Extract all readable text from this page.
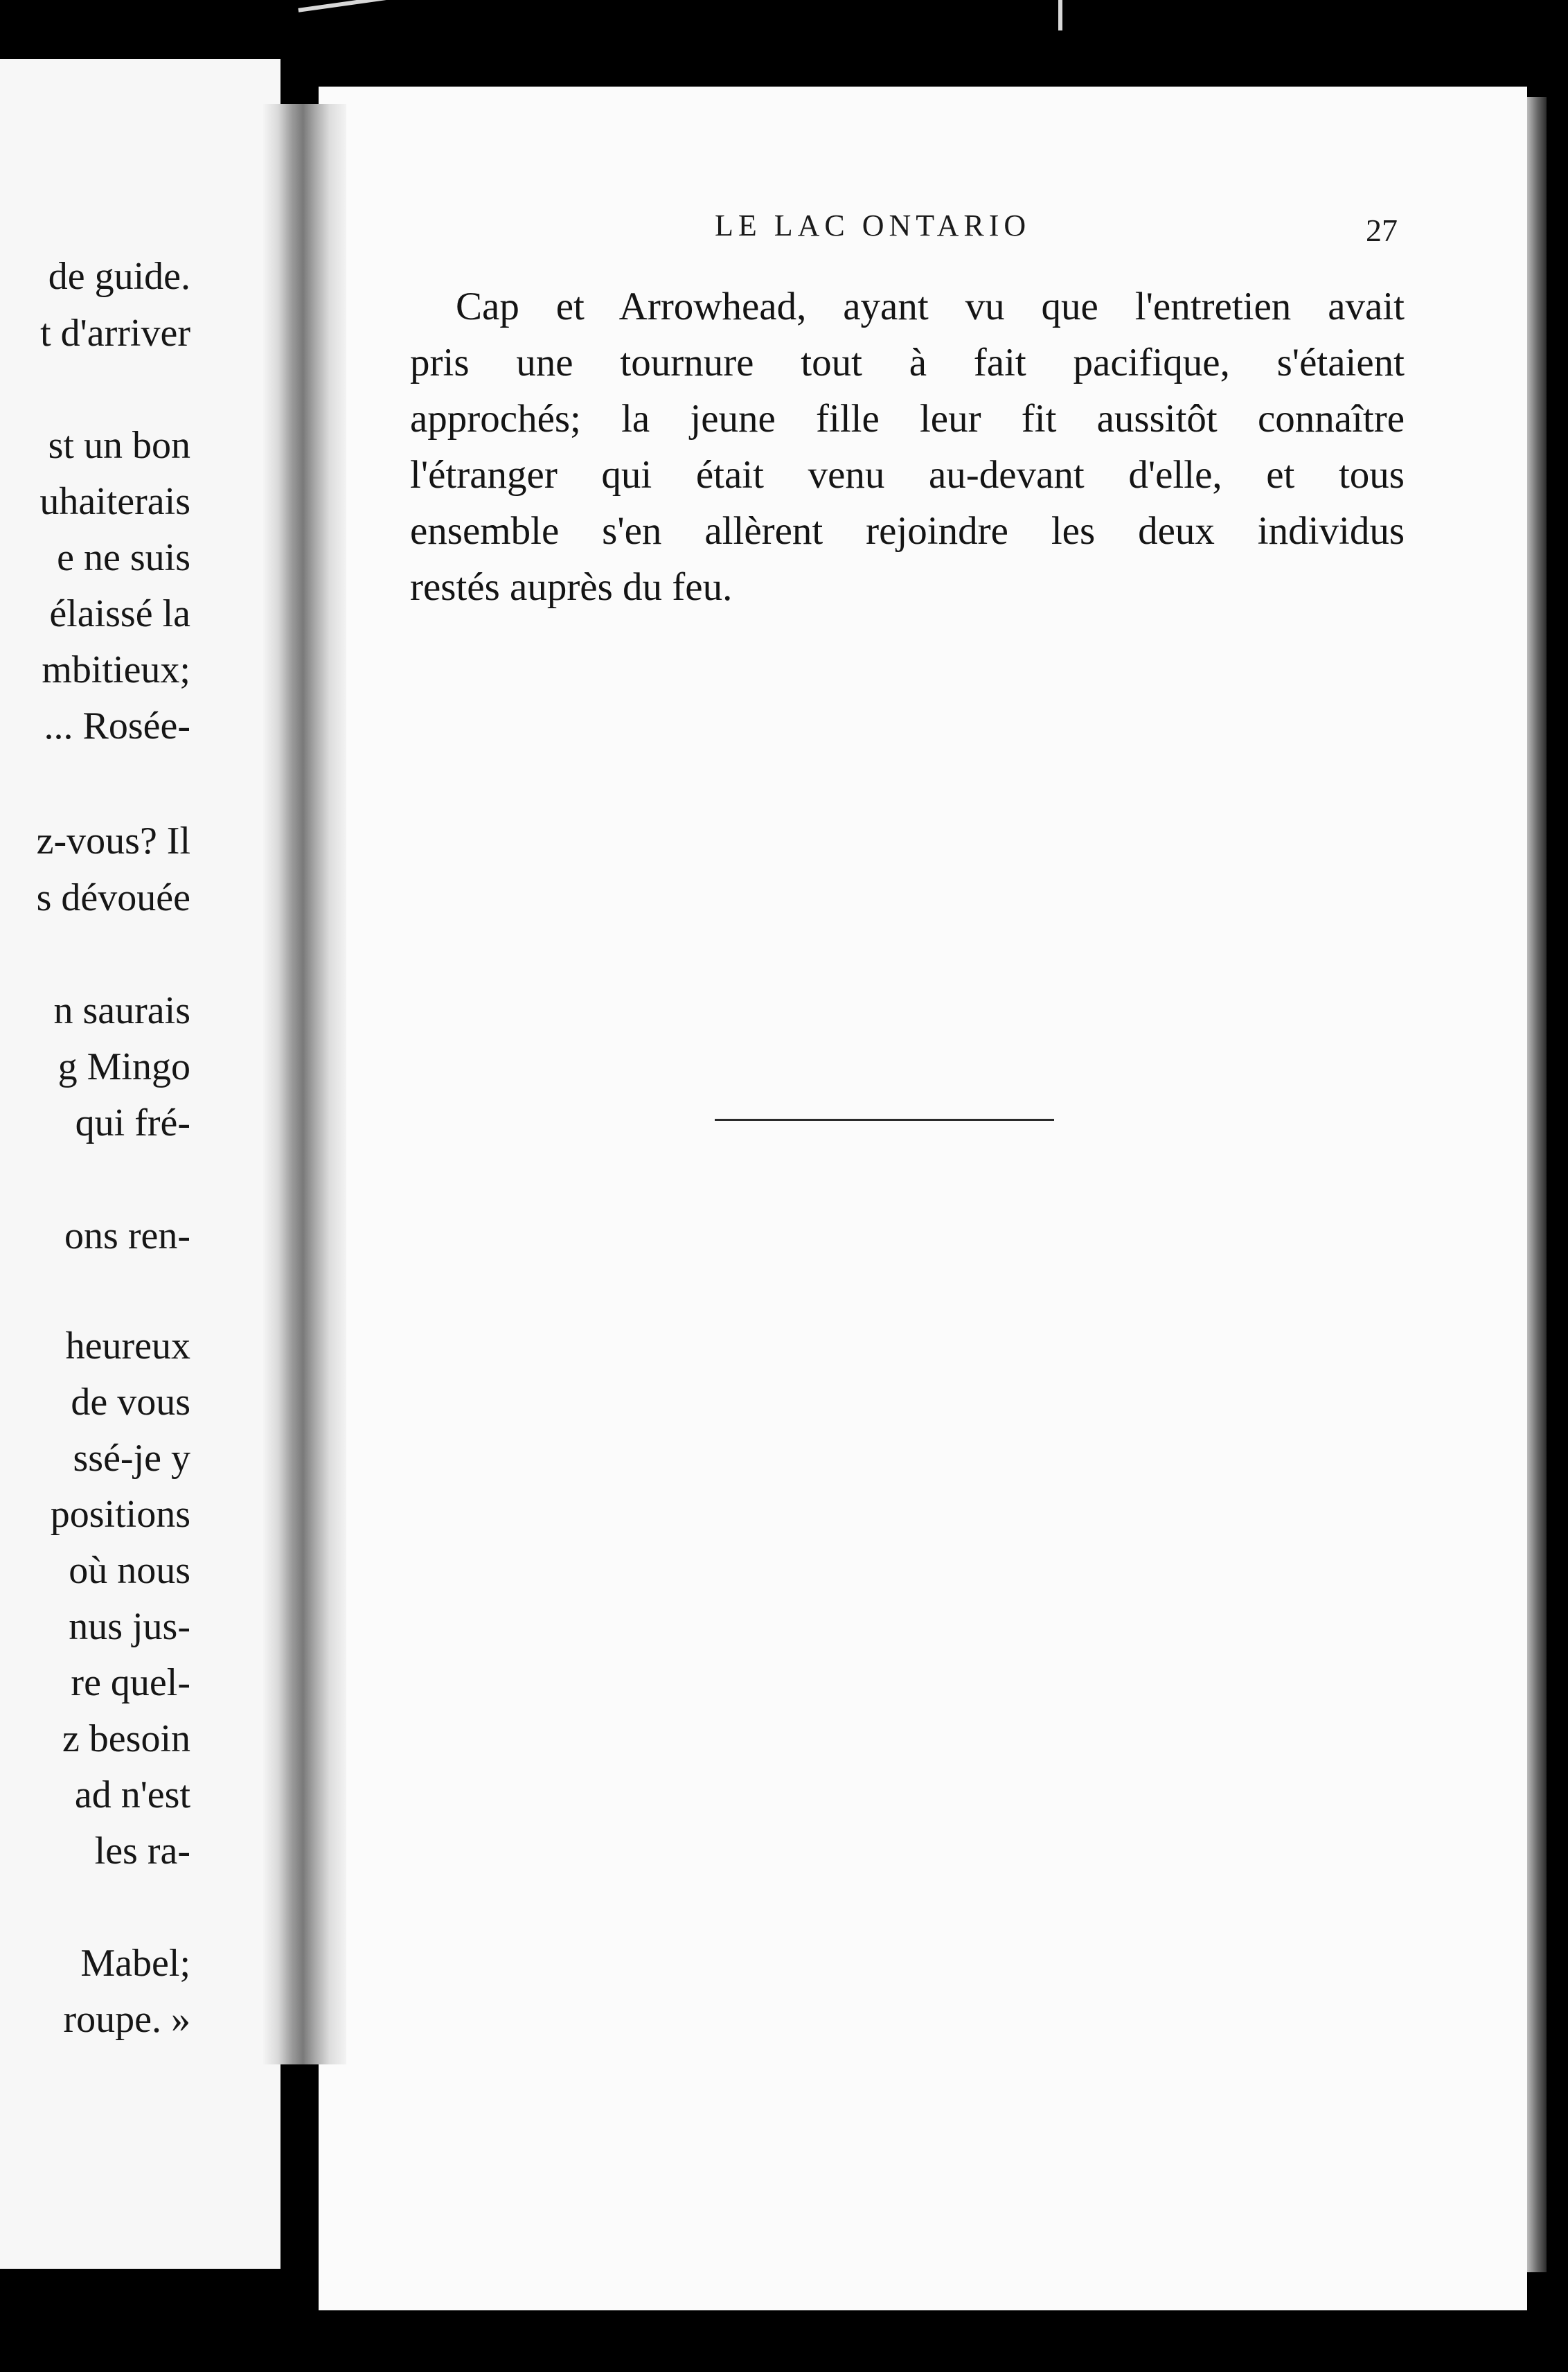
de guide.
t d'arriver
st un bon
uhaiterais
e ne suis
élaissé la
mbitieux;
... Rosée-
z-vous? Il
s dévouée
n saurais
g Mingo
qui fré-
ons ren-
heureux
de vous
ssé-je y
positions
où nous
nus jus-
re quel-
z besoin
ad n'est
les ra-
Mabel;
roupe. »
LE LAC ONTARIO	27
Cap et Arrowhead, ayant vu que l'entretien avait
pris une tournure tout à fait pacifique, s'étaient
approchés; la jeune fille leur fit aussitôt connaître
l'étranger qui était venu au-devant d'elle, et tous
ensemble s'en allèrent rejoindre les deux individus
restés auprès du feu.
